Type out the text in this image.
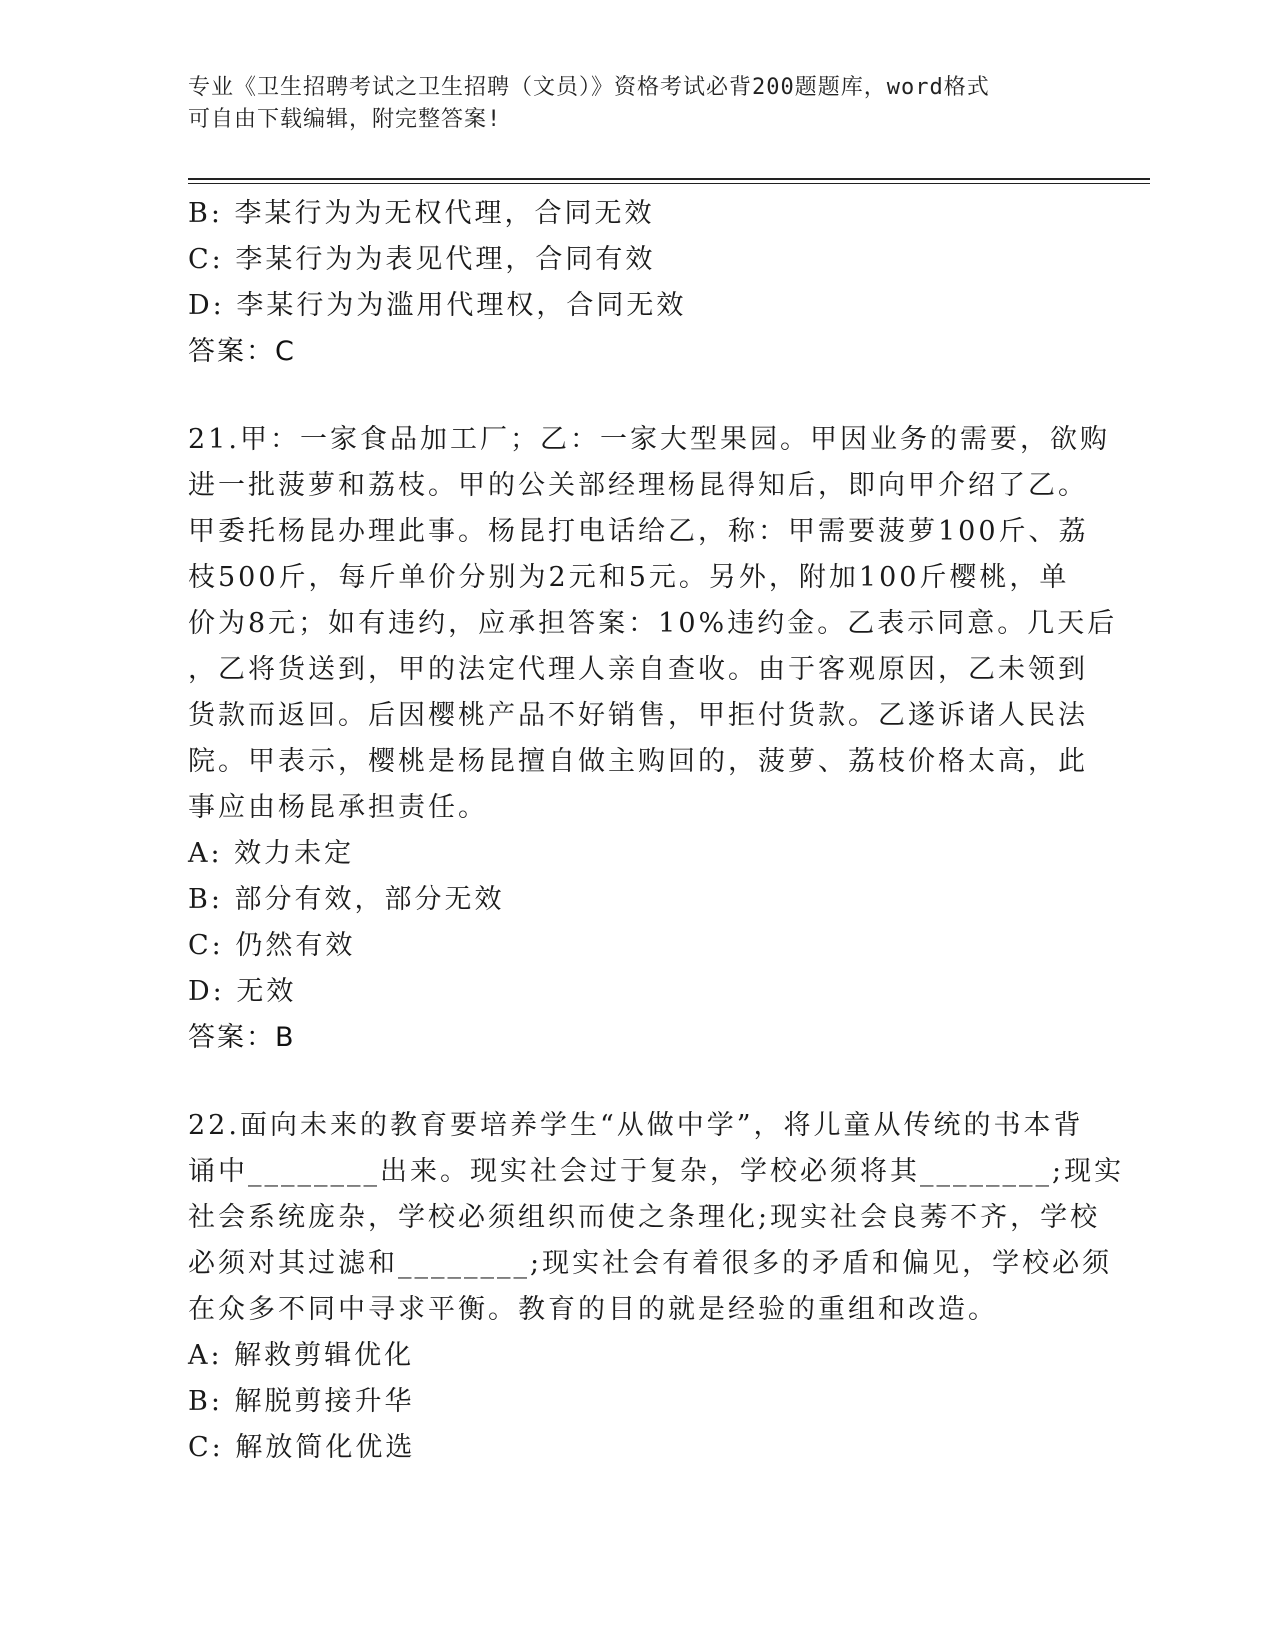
专业《卫生招聘考试之卫生招聘（文员）》资格考试必背200题题库，word格式
可自由下载编辑，附完整答案!
B: 李某行为为无权代理，合同无效
C: 李某行为为表见代理，合同有效
D: 李某行为为滥用代理权，合同无效
答案：C
21.甲：一家食品加工厂；乙：一家大型果园。甲因业务的需要，欲购
进一批菠萝和荔枝。甲的公关部经理杨昆得知后，即向甲介绍了乙。
甲委托杨昆办理此事。杨昆打电话给乙，称：甲需要菠萝100斤、荔
枝500斤，每斤单价分别为2元和5元。另外，附加100斤樱桃，单
价为8元；如有违约，应承担答案：10%违约金。乙表示同意。几天后
，乙将货送到，甲的法定代理人亲自查收。由于客观原因，乙未领到
货款而返回。后因樱桃产品不好销售，甲拒付货款。乙遂诉诸人民法
院。甲表示，樱桃是杨昆擅自做主购回的，菠萝、荔枝价格太高，此
事应由杨昆承担责任。
A: 效力未定
B: 部分有效，部分无效
C: 仍然有效
D: 无效
答案：B
22.面向未来的教育要培养学生“从做中学”，将儿童从传统的书本背
诵中________出来。现实社会过于复杂，学校必须将其________;现实
社会系统庞杂，学校必须组织而使之条理化;现实社会良莠不齐，学校
必须对其过滤和________;现实社会有着很多的矛盾和偏见，学校必须
在众多不同中寻求平衡。教育的目的就是经验的重组和改造。
A: 解救剪辑优化
B: 解脱剪接升华
C: 解放简化优选
